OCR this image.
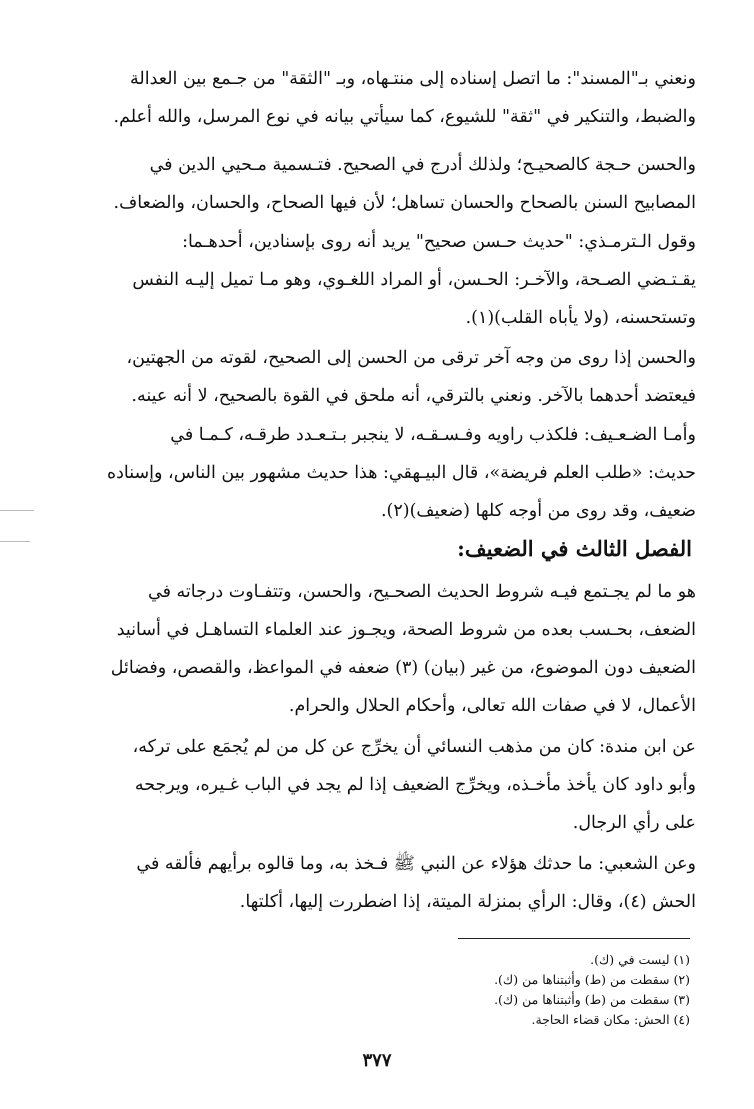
ونعني بـ"المسند": ما اتصل إسناده إلى منتـهاه، وبـ "الثقة" من جـمع بين العدالة
والضبط، والتنكير في "ثقة" للشيوع، كما سيأتي بيانه في نوع المرسل، والله أعلم.
والحسن حـجة كالصحيـح؛ ولذلك أدرج في الصحيح. فتـسمية مـحيي الدين في
المصابيح السنن بالصحاح والحسان تساهل؛ لأن فيها الصحاح، والحسان، والضعاف.
وقول الـترمـذي: "حديث حـسن صحيح" يريد أنه روى بإسنادين، أحدهـما:
يقـتـضي الصـحة، والآخـر: الحـسن، أو المراد اللغـوي، وهو مـا تميل إليـه النفس
وتستحسنه، (ولا يأباه القلب)(١).
والحسن إذا روى من وجه آخر ترقى من الحسن إلى الصحيح، لقوته من الجهتين،
فيعتضد أحدهما بالآخر. ونعني بالترقي، أنه ملحق في القوة بالصحيح، لا أنه عينه.
وأمـا الضـعـيف: فلكذب راويه وفـسـقـه، لا ينجبر بـتـعـدد طرقـه، كـمـا في
حديث: «طلب العلم فريضة»، قال البيـهقي: هذا حديث مشهور بين الناس، وإسناده
ضعيف، وقد روى من أوجه كلها (ضعيف)(٢).
الفصل الثالث في الضعيف:
هو ما لم يجـتمع فيـه شروط الحديث الصحـيح، والحسن، وتتفـاوت درجاته في
الضعف، بحـسب بعده من شروط الصحة، ويجـوز عند العلماء التساهـل في أسانيد
الضعيف دون الموضوع، من غير (بيان) (٣) ضعفه في المواعظ، والقصص، وفضائل
الأعمال، لا في صفات الله تعالى، وأحكام الحلال والحرام.
عن ابن مندة: كان من مذهب النسائي أن يخرِّج عن كل من لم يُجمَع على تركه،
وأبو داود كان يأخذ مأخـذه، ويخرِّج الضعيف إذا لم يجد في الباب غـيره، ويرجحه
على رأي الرجال.
وعن الشعبي: ما حدثك هؤلاء عن النبي ﷺ فـخذ به، وما قالوه برأيهم فألقه في
الحش (٤)، وقال: الرأي بمنزلة الميتة، إذا اضطررت إليها، أكلتها.
(١) ليست في (ك).
(٢) سقطت من (ط) وأثبتناها من (ك).
(٣) سقطت من (ط) وأثبتناها من (ك).
(٤) الحش: مكان قضاء الحاجة.
٣٧٧
